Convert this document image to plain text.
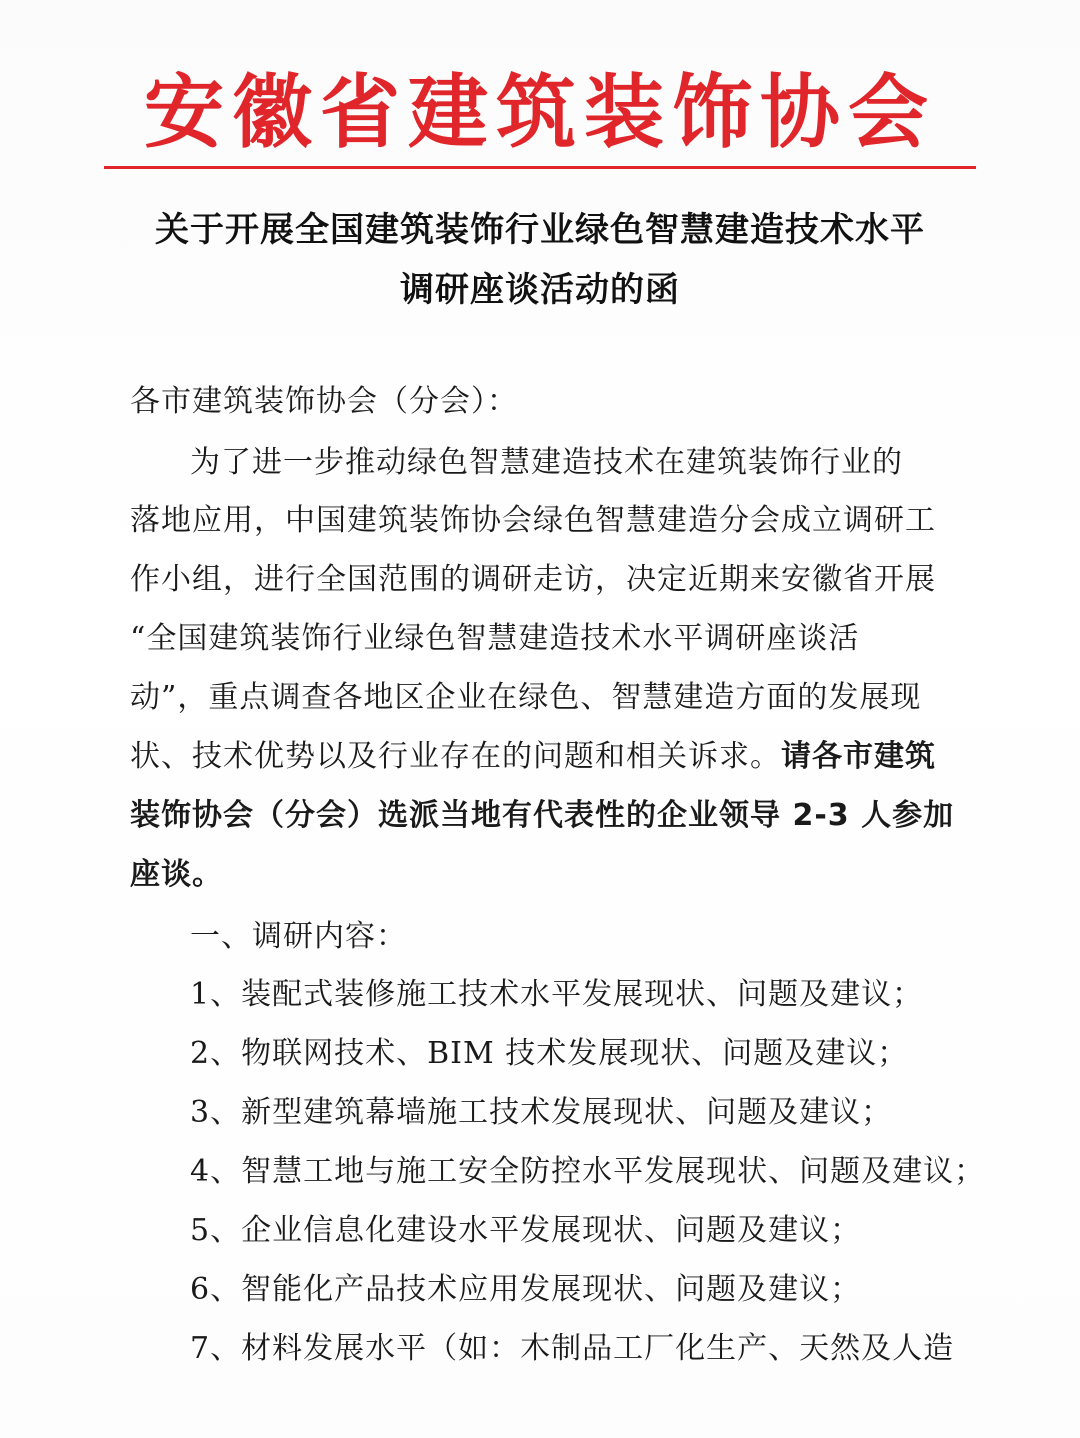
安徽省建筑装饰协会
关于开展全国建筑装饰行业绿色智慧建造技术水平
调研座谈活动的函
各市建筑装饰协会（分会）：
为了进一步推动绿色智慧建造技术在建筑装饰行业的
落地应用，中国建筑装饰协会绿色智慧建造分会成立调研工
作小组，进行全国范围的调研走访，决定近期来安徽省开展
“全国建筑装饰行业绿色智慧建造技术水平调研座谈活
动”，重点调查各地区企业在绿色、智慧建造方面的发展现
状、技术优势以及行业存在的问题和相关诉求。请各市建筑
装饰协会（分会）选派当地有代表性的企业领导 2-3 人参加
座谈。
一、调研内容：
1、装配式装修施工技术水平发展现状、问题及建议；
2、物联网技术、BIM 技术发展现状、问题及建议；
3、新型建筑幕墙施工技术发展现状、问题及建议；
4、智慧工地与施工安全防控水平发展现状、问题及建议；
5、企业信息化建设水平发展现状、问题及建议；
6、智能化产品技术应用发展现状、问题及建议；
7、材料发展水平（如：木制品工厂化生产、天然及人造
